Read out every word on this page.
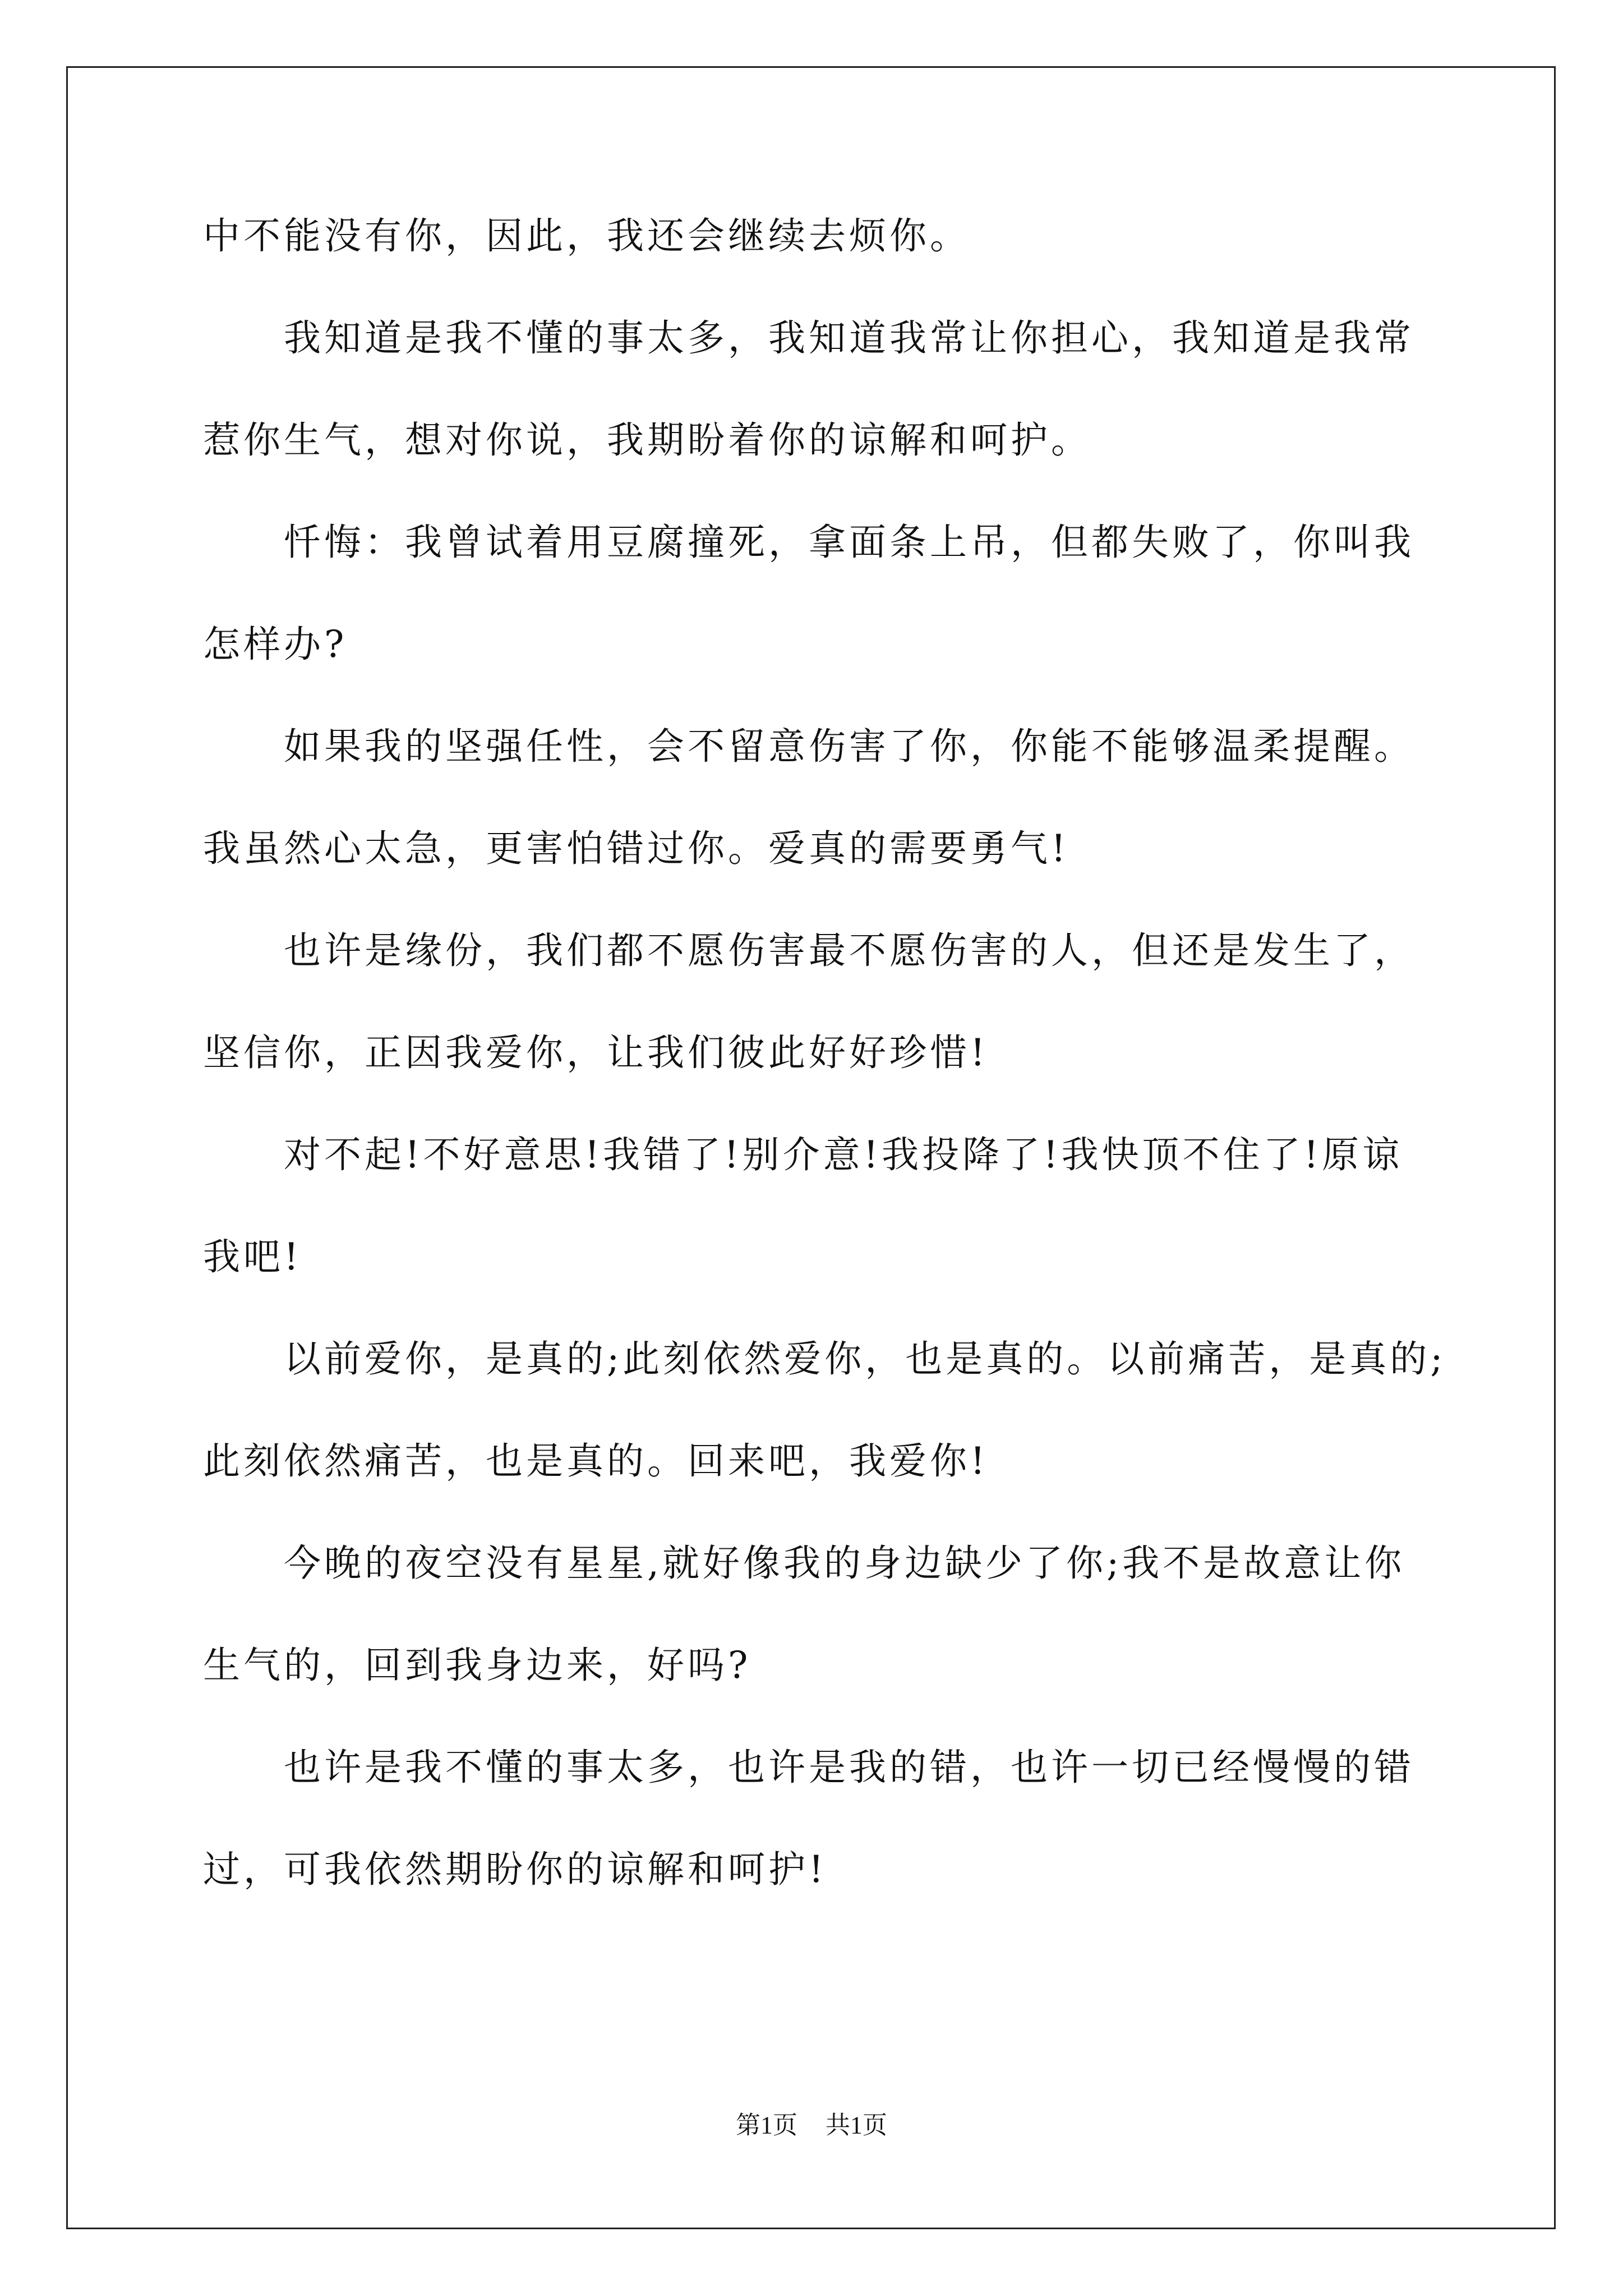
中不能没有你，因此，我还会继续去烦你。

我知道是我不懂的事太多，我知道我常让你担心，我知道是我常

惹你生气，想对你说，我期盼着你的谅解和呵护。

忏悔：我曾试着用豆腐撞死，拿面条上吊，但都失败了，你叫我

怎样办?

如果我的坚强任性，会不留意伤害了你，你能不能够温柔提醒。

我虽然心太急，更害怕错过你。爱真的需要勇气!

也许是缘份，我们都不愿伤害最不愿伤害的人，但还是发生了，

坚信你，正因我爱你，让我们彼此好好珍惜!

对不起!不好意思!我错了!别介意!我投降了!我快顶不住了!原谅

我吧!

以前爱你，是真的;此刻依然爱你，也是真的。以前痛苦，是真的;

此刻依然痛苦，也是真的。回来吧，我爱你!

今晚的夜空没有星星,就好像我的身边缺少了你;我不是故意让你

生气的，回到我身边来，好吗?

也许是我不懂的事太多，也许是我的错，也许一切已经慢慢的错

过，可我依然期盼你的谅解和呵护!

第1页 共1页
